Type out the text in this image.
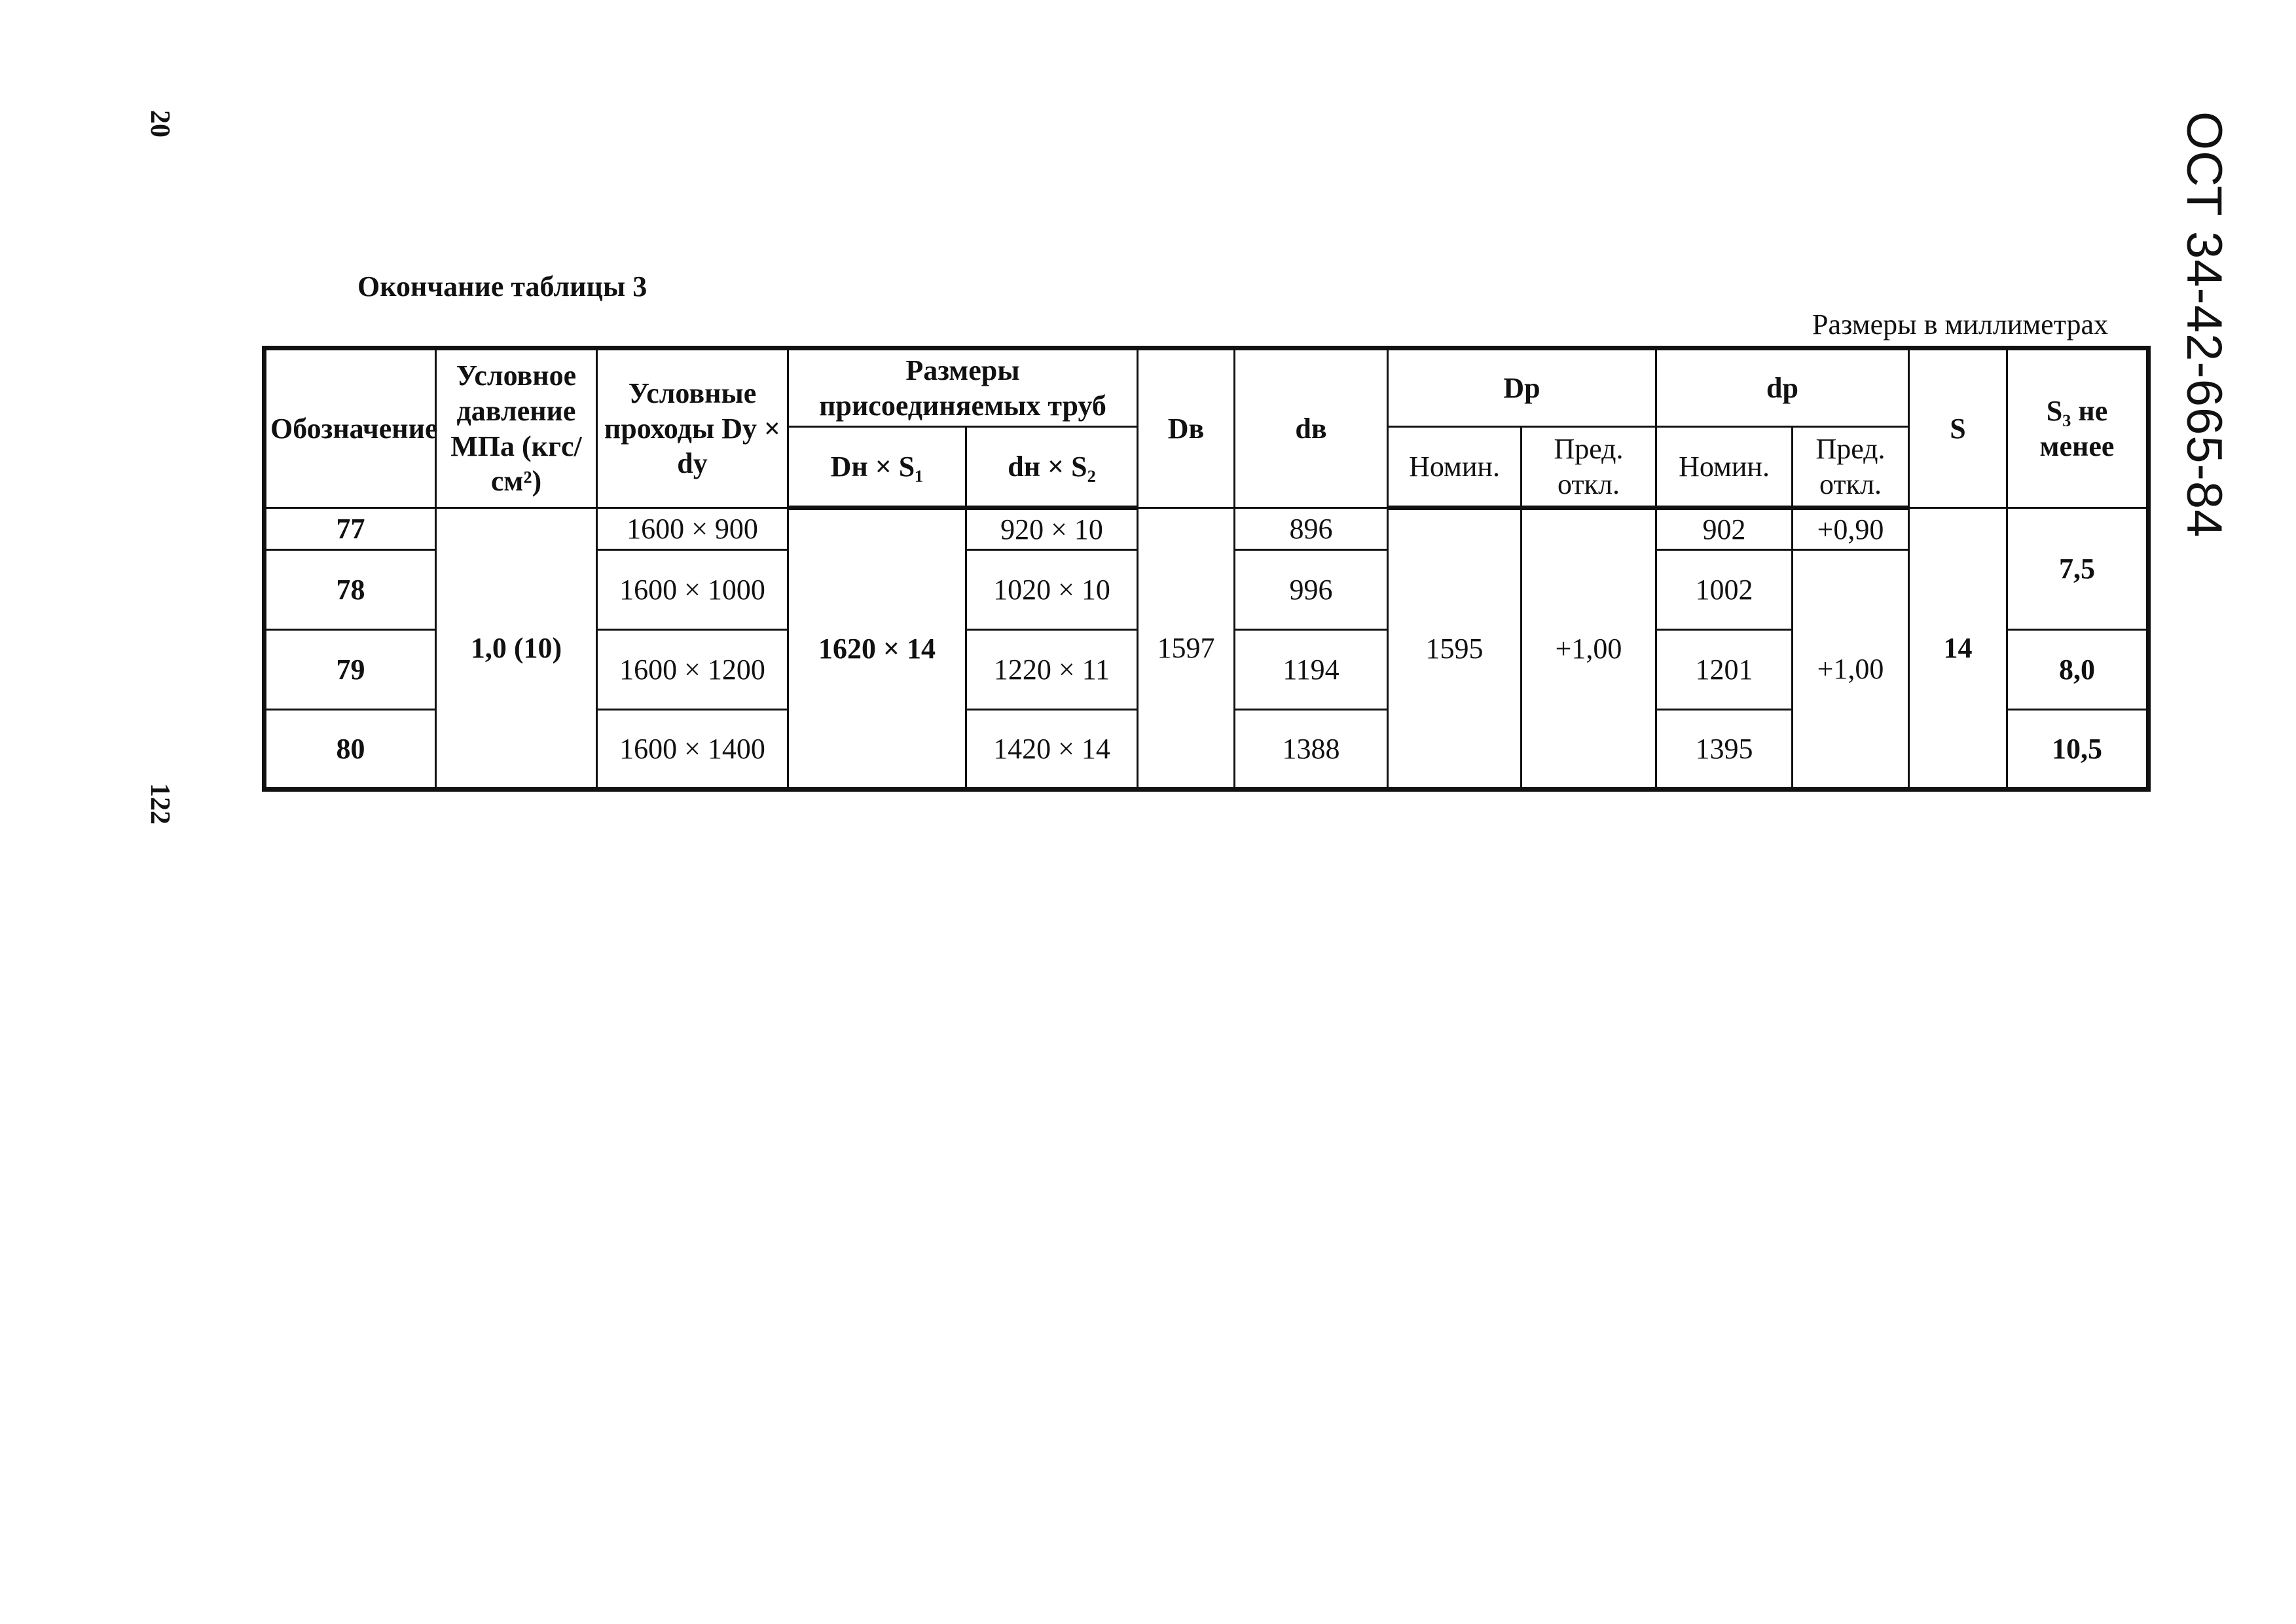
20
122
ОСТ 34-42-665-84
Окончание таблицы 3
Размеры в миллиметрах
Обозначение	Условное давление МПа (кгс/см²)	Условные проходы Dy × dy	Размеры присоединяемых труб		Dв	dв	Dp		dp		S	S₃ не менее
			Dн × S₁	dн × S₂			Номин.	Пред. откл.	Номин.	Пред. откл.		
77	1,0 (10)	1600 × 900	1620 × 14	920 × 10	1597	896	1595	+1,00	902	+0,90	14	7,5
78		1600 × 1000		1020 × 10		996			1002	+1,00		
79		1600 × 1200		1220 × 11		1194			1201			8,0
80		1600 × 1400		1420 × 14		1388			1395			10,5
